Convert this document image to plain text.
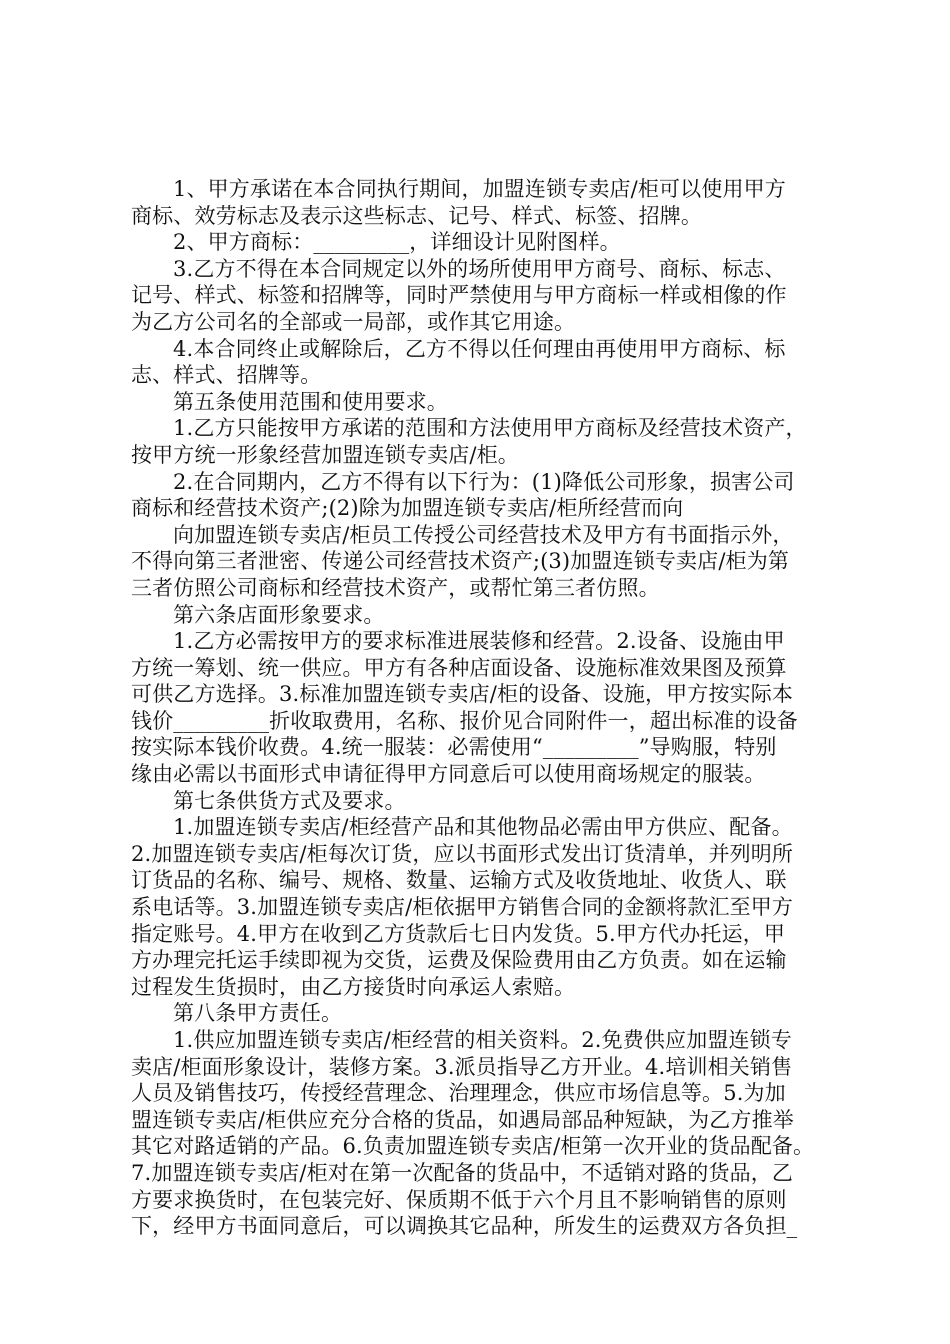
1、甲方承诺在本合同执行期间，加盟连锁专卖店/柜可以使用甲方
商标、效劳标志及表示这些标志、记号、样式、标签、招牌。
2、甲方商标：_________，详细设计见附图样。
3.乙方不得在本合同规定以外的场所使用甲方商号、商标、标志、
记号、样式、标签和招牌等，同时严禁使用与甲方商标一样或相像的作
为乙方公司名的全部或一局部，或作其它用途。
4.本合同终止或解除后，乙方不得以任何理由再使用甲方商标、标
志、样式、招牌等。
第五条使用范围和使用要求。
1.乙方只能按甲方承诺的范围和方法使用甲方商标及经营技术资产，
按甲方统一形象经营加盟连锁专卖店/柜。
2.在合同期内，乙方不得有以下行为：(1)降低公司形象，损害公司
商标和经营技术资产;(2)除为加盟连锁专卖店/柜所经营而向
向加盟连锁专卖店/柜员工传授公司经营技术及甲方有书面指示外，
不得向第三者泄密、传递公司经营技术资产;(3)加盟连锁专卖店/柜为第
三者仿照公司商标和经营技术资产，或帮忙第三者仿照。
第六条店面形象要求。
1.乙方必需按甲方的要求标准进展装修和经营。2.设备、设施由甲
方统一筹划、统一供应。甲方有各种店面设备、设施标准效果图及预算
可供乙方选择。3.标准加盟连锁专卖店/柜的设备、设施，甲方按实际本
钱价_________折收取费用，名称、报价见合同附件一，超出标准的设备
按实际本钱价收费。4.统一服装：必需使用“_________”导购服，特别
缘由必需以书面形式申请征得甲方同意后可以使用商场规定的服装。
第七条供货方式及要求。
1.加盟连锁专卖店/柜经营产品和其他物品必需由甲方供应、配备。
2.加盟连锁专卖店/柜每次订货，应以书面形式发出订货清单，并列明所
订货品的名称、编号、规格、数量、运输方式及收货地址、收货人、联
系电话等。3.加盟连锁专卖店/柜依据甲方销售合同的金额将款汇至甲方
指定账号。4.甲方在收到乙方货款后七日内发货。5.甲方代办托运，甲
方办理完托运手续即视为交货，运费及保险费用由乙方负责。如在运输
过程发生货损时，由乙方接货时向承运人索赔。
第八条甲方责任。
1.供应加盟连锁专卖店/柜经营的相关资料。2.免费供应加盟连锁专
卖店/柜面形象设计，装修方案。3.派员指导乙方开业。4.培训相关销售
人员及销售技巧，传授经营理念、治理理念，供应市场信息等。5.为加
盟连锁专卖店/柜供应充分合格的货品，如遇局部品种短缺，为乙方推举
其它对路适销的产品。6.负责加盟连锁专卖店/柜第一次开业的货品配备。
7.加盟连锁专卖店/柜对在第一次配备的货品中，不适销对路的货品，乙
方要求换货时，在包装完好、保质期不低于六个月且不影响销售的原则
下，经甲方书面同意后，可以调换其它品种，所发生的运费双方各负担_
